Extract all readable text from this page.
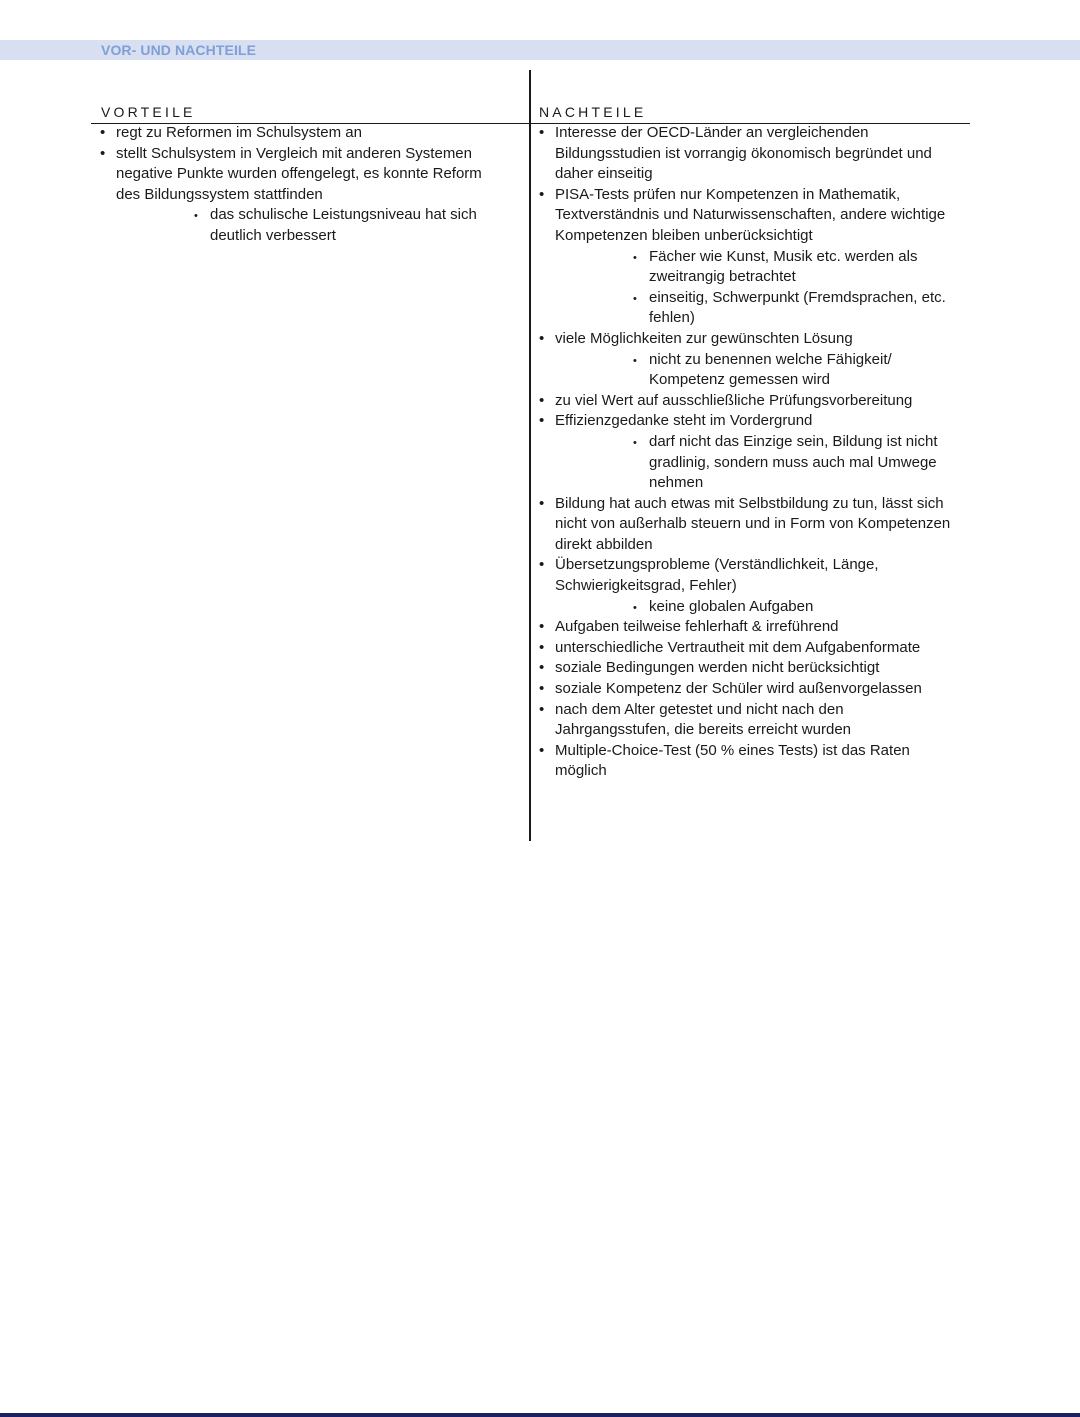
VOR- UND NACHTEILE
VORTEILE	NACHTEILE
• regt zu Reformen im Schulsystem an
• stellt Schulsystem in Vergleich mit anderen Systemen negative Punkte wurden offengelegt, es konnte Reform des Bildungssystem stattfinden
• das schulische Leistungsniveau hat sich deutlich verbessert
• Interesse der OECD-Länder an vergleichenden Bildungsstudien ist vorrangig ökonomisch begründet und daher einseitig
• PISA-Tests prüfen nur Kompetenzen in Mathematik, Textverständnis und Naturwissenschaften, andere wichtige Kompetenzen bleiben unberücksichtigt
• Fächer wie Kunst, Musik etc. werden als zweitrangig betrachtet
• einseitig, Schwerpunkt (Fremdsprachen, etc. fehlen)
• viele Möglichkeiten zur gewünschten Lösung
• nicht zu benennen welche Fähigkeit/ Kompetenz gemessen wird
• zu viel Wert auf ausschließliche Prüfungsvorbereitung
• Effizienzgedanke steht im Vordergrund
• darf nicht das Einzige sein, Bildung ist nicht gradlinig, sondern muss auch mal Umwege nehmen
• Bildung hat auch etwas mit Selbstbildung zu tun, lässt sich nicht von außerhalb steuern und in Form von Kompetenzen direkt abbilden
• Übersetzungsprobleme (Verständlichkeit, Länge, Schwierigkeitsgrad, Fehler)
• keine globalen Aufgaben
• Aufgaben teilweise fehlerhaft & irreführend
• unterschiedliche Vertrautheit mit dem Aufgabenformate
• soziale Bedingungen werden nicht berücksichtigt
• soziale Kompetenz der Schüler wird außenvorgelassen
• nach dem Alter getestet und nicht nach den Jahrgangsstufen, die bereits erreicht wurden
• Multiple-Choice-Test (50 % eines Tests) ist das Raten möglich
